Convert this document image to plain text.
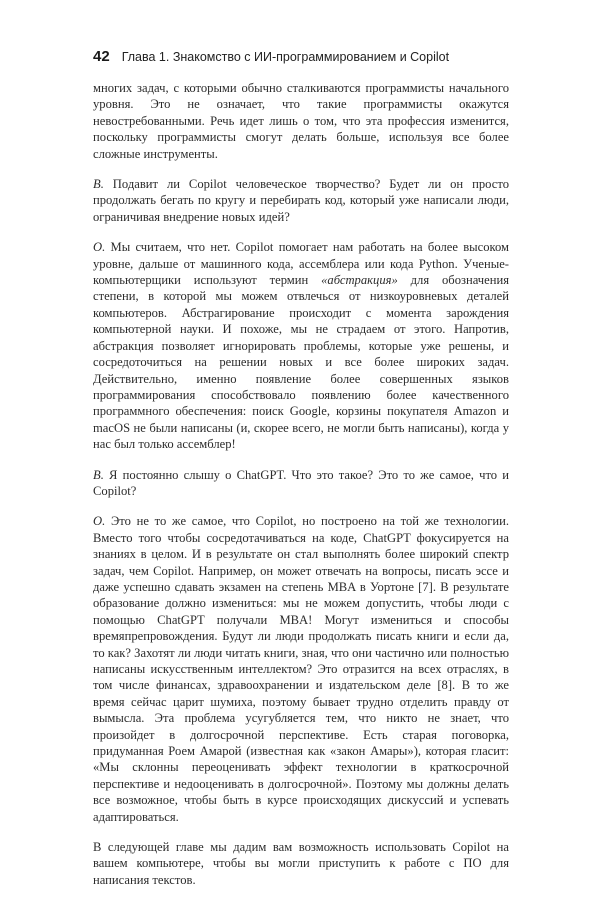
42 Глава 1. Знакомство с ИИ-программированием и Copilot

многих задач, с которыми обычно сталкиваются программисты начального уровня. Это не означает, что такие программисты окажутся невостребованными. Речь идет лишь о том, что эта профессия изменится, поскольку программисты смогут делать больше, используя все более сложные инструменты.

В. Подавит ли Copilot человеческое творчество? Будет ли он просто продолжать бегать по кругу и перебирать код, который уже написали люди, ограничивая внедрение новых идей?

О. Мы считаем, что нет. Copilot помогает нам работать на более высоком уровне, дальше от машинного кода, ассемблера или кода Python. Ученые-компьютерщики используют термин «абстракция» для обозначения степени, в которой мы можем отвлечься от низкоуровневых деталей компьютеров. Абстрагирование происходит с момента зарождения компьютерной науки. И похоже, мы не страдаем от этого. Напротив, абстракция позволяет игнорировать проблемы, которые уже решены, и сосредоточиться на решении новых и все более широких задач. Действительно, именно появление более совершенных языков программирования способствовало появлению более качественного программного обеспечения: поиск Google, корзины покупателя Amazon и macOS не были написаны (и, скорее всего, не могли быть написаны), когда у нас был только ассемблер!

В. Я постоянно слышу о ChatGPT. Что это такое? Это то же самое, что и Copilot?

О. Это не то же самое, что Copilot, но построено на той же технологии. Вместо того чтобы сосредотачиваться на коде, ChatGPT фокусируется на знаниях в целом. И в результате он стал выполнять более широкий спектр задач, чем Copilot. Например, он может отвечать на вопросы, писать эссе и даже успешно сдавать экзамен на степень MBA в Уортоне [7]. В результате образование должно измениться: мы не можем допустить, чтобы люди с помощью ChatGPT получали MBA! Могут измениться и способы времяпрепровождения. Будут ли люди продолжать писать книги и если да, то как? Захотят ли люди читать книги, зная, что они частично или полностью написаны искусственным интеллектом? Это отразится на всех отраслях, в том числе финансах, здравоохранении и издательском деле [8]. В то же время сейчас царит шумиха, поэтому бывает трудно отделить правду от вымысла. Эта проблема усугубляется тем, что никто не знает, что произойдет в долгосрочной перспективе. Есть старая поговорка, придуманная Роем Амарой (известная как «закон Амары»), которая гласит: «Мы склонны переоценивать эффект технологии в краткосрочной перспективе и недооценивать в долгосрочной». Поэтому мы должны делать все возможное, чтобы быть в курсе происходящих дискуссий и успевать адаптироваться.

В следующей главе мы дадим вам возможность использовать Copilot на вашем компьютере, чтобы вы могли приступить к работе с ПО для написания текстов.
